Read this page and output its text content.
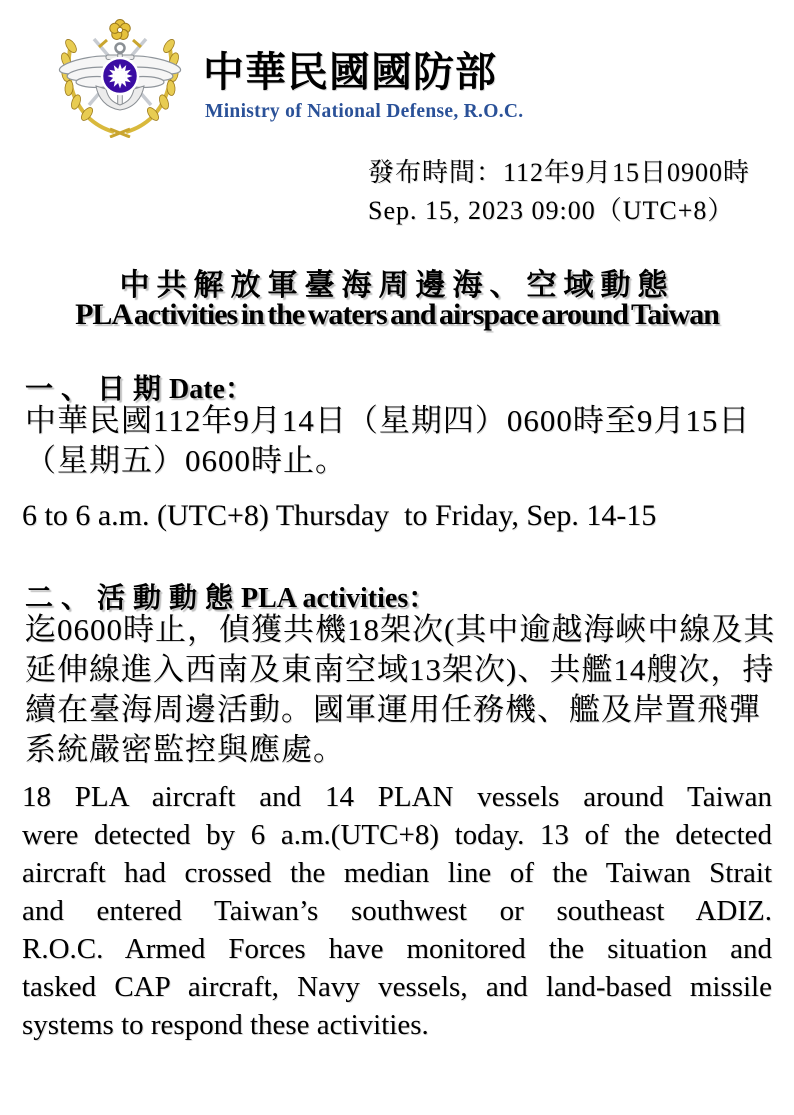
中華民國國防部
Ministry of National Defense, R.O.C.
發布時間：112年9月15日0900時
Sep. 15, 2023 09:00（UTC+8）
中共解放軍臺海周邊海、空域動態
PLA activities in the waters and airspace around Taiwan
一、日期Date：
中華民國112年9月14日（星期四）0600時至9月15日
（星期五）0600時止。
6 to 6 a.m. (UTC+8) Thursday  to Friday, Sep. 14-15
二、活動動態PLA activities：
迄0600時止，偵獲共機18架次(其中逾越海峽中線及其
延伸線進入西南及東南空域13架次)、共艦14艘次，持
續在臺海周邊活動。國軍運用任務機、艦及岸置飛彈
系統嚴密監控與應處。
18 PLA aircraft and 14 PLAN vessels around Taiwan
were detected by 6 a.m.(UTC+8) today. 13 of the detected
aircraft had crossed the median line of the Taiwan Strait
and entered Taiwan’s southwest or southeast ADIZ.
R.O.C. Armed Forces have monitored the situation and
tasked CAP aircraft, Navy vessels, and land-based missile
systems to respond these activities.
